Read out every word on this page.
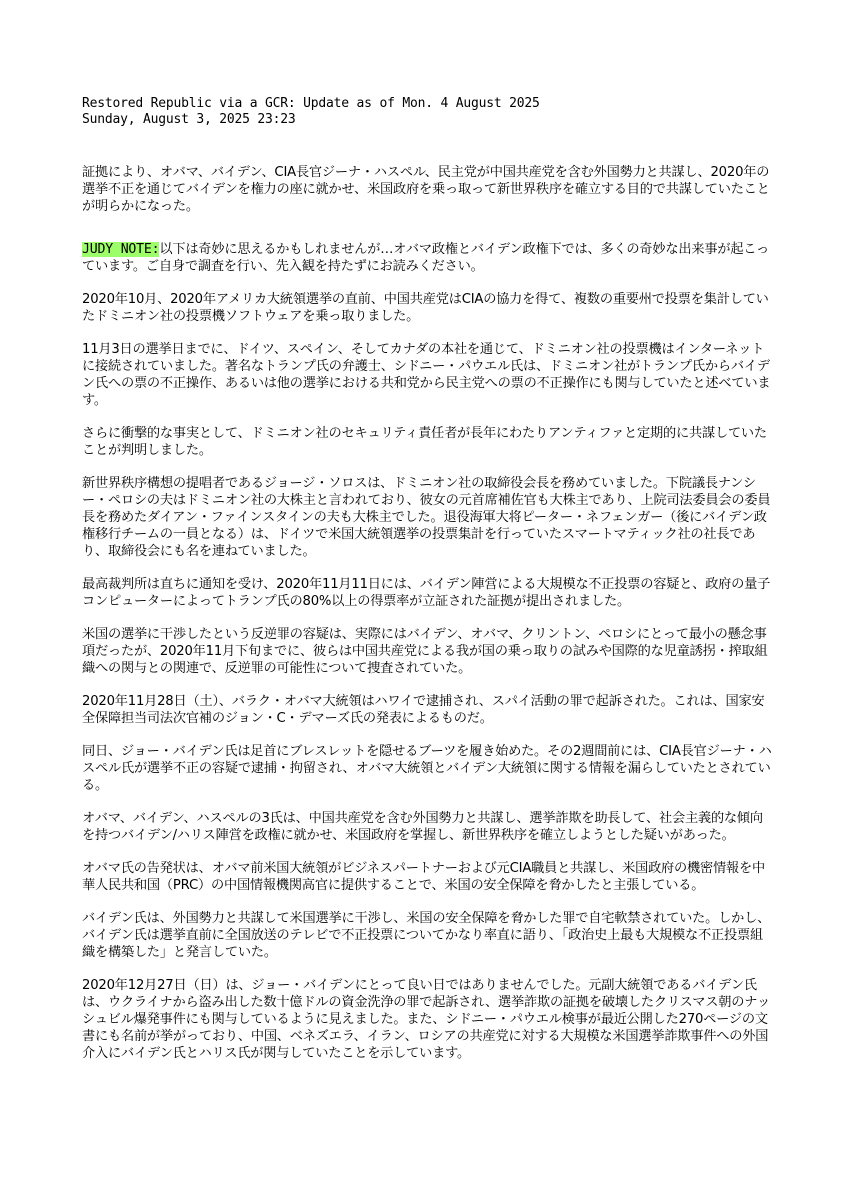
Restored Republic via a GCR: Update as of Mon. 4 August 2025
Sunday, August 3, 2025 23:23

証拠により、オバマ、バイデン、CIA長官ジーナ・ハスペル、民主党が中国共産党を含む外国勢力と共謀し、2020年の選挙不正を通じてバイデンを権力の座に就かせ、米国政府を乗っ取って新世界秩序を確立する目的で共謀していたことが明らかになった。

JUDY NOTE:以下は奇妙に思えるかもしれませんが…オバマ政権とバイデン政権下では、多くの奇妙な出来事が起こっています。ご自身で調査を行い、先入観を持たずにお読みください。

2020年10月、2020年アメリカ大統領選挙の直前、中国共産党はCIAの協力を得て、複数の重要州で投票を集計していたドミニオン社の投票機ソフトウェアを乗っ取りました。

11月3日の選挙日までに、ドイツ、スペイン、そしてカナダの本社を通じて、ドミニオン社の投票機はインターネットに接続されていました。著名なトランプ氏の弁護士、シドニー・パウエル氏は、ドミニオン社がトランプ氏からバイデン氏への票の不正操作、あるいは他の選挙における共和党から民主党への票の不正操作にも関与していたと述べています。

さらに衝撃的な事実として、ドミニオン社のセキュリティ責任者が長年にわたりアンティファと定期的に共謀していたことが判明しました。

新世界秩序構想の提唱者であるジョージ・ソロスは、ドミニオン社の取締役会長を務めていました。下院議長ナンシー・ペロシの夫はドミニオン社の大株主と言われており、彼女の元首席補佐官も大株主であり、上院司法委員会の委員長を務めたダイアン・ファインスタインの夫も大株主でした。退役海軍大将ピーター・ネフェンガー（後にバイデン政権移行チームの一員となる）は、ドイツで米国大統領選挙の投票集計を行っていたスマートマティック社の社長であり、取締役会にも名を連ねていました。

最高裁判所は直ちに通知を受け、2020年11月11日には、バイデン陣営による大規模な不正投票の容疑と、政府の量子コンピューターによってトランプ氏の80%以上の得票率が立証された証拠が提出されました。

米国の選挙に干渉したという反逆罪の容疑は、実際にはバイデン、オバマ、クリントン、ペロシにとって最小の懸念事項だったが、2020年11月下旬までに、彼らは中国共産党による我が国の乗っ取りの試みや国際的な児童誘拐・搾取組織への関与との関連で、反逆罪の可能性について捜査されていた。

2020年11月28日（土）、バラク・オバマ大統領はハワイで逮捕され、スパイ活動の罪で起訴された。これは、国家安全保障担当司法次官補のジョン・C・デマーズ氏の発表によるものだ。

同日、ジョー・バイデン氏は足首にブレスレットを隠せるブーツを履き始めた。その2週間前には、CIA長官ジーナ・ハスペル氏が選挙不正の容疑で逮捕・拘留され、オバマ大統領とバイデン大統領に関する情報を漏らしていたとされている。

オバマ、バイデン、ハスペルの3氏は、中国共産党を含む外国勢力と共謀し、選挙詐欺を助長して、社会主義的な傾向を持つバイデン/ハリス陣営を政権に就かせ、米国政府を掌握し、新世界秩序を確立しようとした疑いがあった。

オバマ氏の告発状は、オバマ前米国大統領がビジネスパートナーおよび元CIA職員と共謀し、米国政府の機密情報を中華人民共和国（PRC）の中国情報機関高官に提供することで、米国の安全保障を脅かしたと主張している。

バイデン氏は、外国勢力と共謀して米国選挙に干渉し、米国の安全保障を脅かした罪で自宅軟禁されていた。しかし、バイデン氏は選挙直前に全国放送のテレビで不正投票についてかなり率直に語り、「政治史上最も大規模な不正投票組織を構築した」と発言していた。

2020年12月27日（日）は、ジョー・バイデンにとって良い日ではありませんでした。元副大統領であるバイデン氏は、ウクライナから盗み出した数十億ドルの資金洗浄の罪で起訴され、選挙詐欺の証拠を破壊したクリスマス朝のナッシュビル爆発事件にも関与しているように見えました。また、シドニー・パウエル検事が最近公開した270ページの文書にも名前が挙がっており、中国、ベネズエラ、イラン、ロシアの共産党に対する大規模な米国選挙詐欺事件への外国介入にバイデン氏とハリス氏が関与していたことを示しています。
